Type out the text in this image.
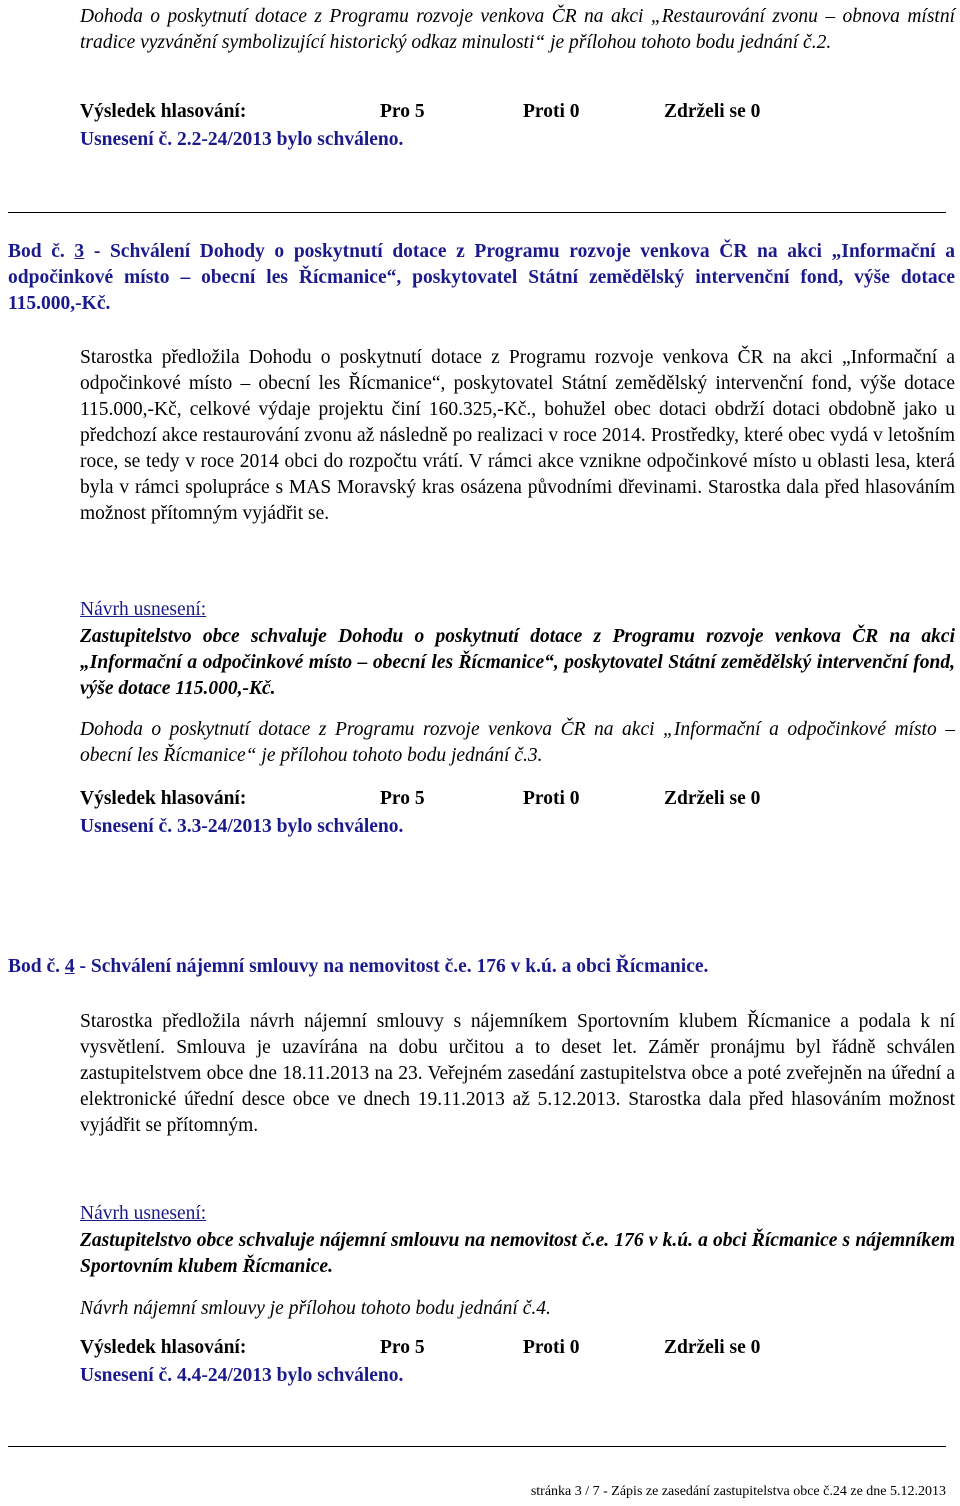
Dohoda o poskytnutí dotace z Programu rozvoje venkova ČR na akci „Restaurování zvonu – obnova místní tradice vyzvánění symbolizující historický odkaz minulosti“ je přílohou tohoto bodu jednání č.2.

Výsledek hlasování:	Pro 5	Proti 0	Zdrželi se 0
Usnesení č. 2.2-24/2013 bylo schváleno.

Bod č. 3 - Schválení Dohody o poskytnutí dotace z Programu rozvoje venkova ČR na akci „Informační a odpočinkové místo – obecní les Řícmanice“, poskytovatel Státní zemědělský intervenční fond, výše dotace 115.000,-Kč.

Starostka předložila Dohodu o poskytnutí dotace z Programu rozvoje venkova ČR na akci „Informační a odpočinkové místo – obecní les Řícmanice“, poskytovatel Státní zemědělský intervenční fond, výše dotace 115.000,-Kč, celkové výdaje projektu činí 160.325,-Kč., bohužel obec dotaci obdrží dotaci obdobně jako u předchozí akce restaurování zvonu až následně po realizaci v roce 2014. Prostředky, které obec vydá v letošním roce, se tedy v roce 2014 obci do rozpočtu vrátí. V rámci akce vznikne odpočinkové místo u oblasti lesa, která byla v rámci spolupráce s MAS Moravský kras osázena původními dřevinami. Starostka dala před hlasováním možnost přítomným vyjádřit se.

Návrh usnesení:

Zastupitelstvo obce schvaluje Dohodu o poskytnutí dotace z Programu rozvoje venkova ČR na akci „Informační a odpočinkové místo – obecní les Řícmanice“, poskytovatel Státní zemědělský intervenční fond, výše dotace 115.000,-Kč.

Dohoda o poskytnutí dotace z Programu rozvoje venkova ČR na akci „Informační a odpočinkové místo – obecní les Řícmanice“ je přílohou tohoto bodu jednání č.3.

Výsledek hlasování:	Pro 5	Proti 0	Zdrželi se 0
Usnesení č. 3.3-24/2013 bylo schváleno.

Bod č. 4 - Schválení nájemní smlouvy na nemovitost č.e. 176 v k.ú. a obci Řícmanice.

Starostka předložila návrh nájemní smlouvy s nájemníkem Sportovním klubem Řícmanice a podala k ní vysvětlení. Smlouva je uzavírána na dobu určitou a to deset let. Záměr pronájmu byl řádně schválen zastupitelstvem obce dne 18.11.2013 na 23. Veřejném zasedání zastupitelstva obce a poté zveřejněn na úřední a elektronické úřední desce obce ve dnech 19.11.2013 až 5.12.2013. Starostka dala před hlasováním možnost vyjádřit se přítomným.

Návrh usnesení:

Zastupitelstvo obce schvaluje nájemní smlouvu na nemovitost č.e. 176 v k.ú. a obci Řícmanice s nájemníkem Sportovním klubem Řícmanice.

Návrh nájemní smlouvy je přílohou tohoto bodu jednání č.4.

Výsledek hlasování:	Pro 5	Proti 0	Zdrželi se 0
Usnesení č. 4.4-24/2013 bylo schváleno.
stránka 3 / 7 - Zápis ze zasedání zastupitelstva obce č.24 ze dne 5.12.2013
